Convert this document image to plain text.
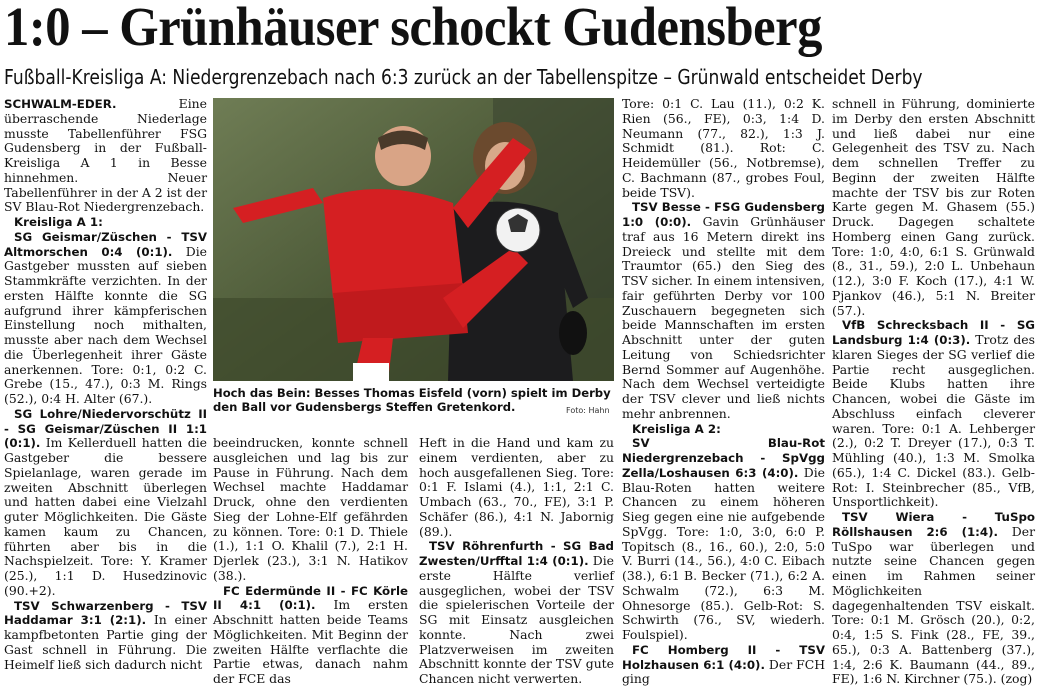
1:0 – Grünhäuser schockt Gudensberg
Fußball-Kreisliga A: Niedergrenzebach nach 6:3 zurück an der Tabellenspitze – Grünwald entscheidet Derby

SCHWALM-EDER. Eine überraschende Niederlage musste Tabellenführer FSG Gudensberg in der Fußball-Kreisliga A 1 in Besse hinnehmen. Neuer Tabellenführer in der A 2 ist der SV Blau-Rot Niedergrenzebach.

Kreisliga A 1:

SG Geismar/Züschen - TSV Altmorschen 0:4 (0:1). Die Gastgeber mussten auf sieben Stammkräfte verzichten. In der ersten Hälfte konnte die SG aufgrund ihrer kämpferischen Einstellung noch mithalten, musste aber nach dem Wechsel die Überlegenheit ihrer Gäste anerkennen. Tore: 0:1, 0:2 C. Grebe (15., 47.), 0:3 M. Rings (52.), 0:4 H. Alter (67.).

SG Lohre/Niedervorschütz II - SG Geismar/Züschen II 1:1 (0:1). Im Kellerduell hatten die Gastgeber die bessere Spielanlage, waren gerade im zweiten Abschnitt überlegen und hatten dabei eine Vielzahl guter Möglichkeiten. Die Gäste kamen kaum zu Chancen, führten aber bis in die Nachspielzeit. Tore: Y. Kramer (25.), 1:1 D. Husedzinovic (90.+2).

TSV Schwarzenberg - TSV Haddamar 3:1 (2:1). In einer kampfbetonten Partie ging der Gast schnell in Führung. Die Heimelf ließ sich dadurch nicht

Hoch das Bein: Besses Thomas Eisfeld (vorn) spielt im Derby den Ball vor Gudensbergs Steffen Gretenkord.	Foto: Hahn

beeindrucken, konnte schnell ausgleichen und lag bis zur Pause in Führung. Nach dem Wechsel machte Haddamar Druck, ohne den verdienten Sieg der Lohne-Elf gefährden zu können. Tore: 0:1 D. Thiele (1.), 1:1 O. Khalil (7.), 2:1 H. Djerlek (23.), 3:1 N. Hatikov (38.).

FC Edermünde II - FC Körle II 4:1 (0:1). Im ersten Abschnitt hatten beide Teams Möglichkeiten. Mit Beginn der zweiten Hälfte verflachte die Partie etwas, danach nahm der FCE das

Heft in die Hand und kam zu einem verdienten, aber zu hoch ausgefallenen Sieg. Tore: 0:1 F. Islami (4.), 1:1, 2:1 C. Umbach (63., 70., FE), 3:1 P. Schäfer (86.), 4:1 N. Jabornig (89.).

TSV Röhrenfurth - SG Bad Zwesten/Urfftal 1:4 (0:1). Die erste Hälfte verlief ausgeglichen, wobei der TSV die spielerischen Vorteile der SG mit Einsatz ausgleichen konnte. Nach zwei Platzverweisen im zweiten Abschnitt konnte der TSV gute Chancen nicht verwerten.

Tore: 0:1 C. Lau (11.), 0:2 K. Rien (56., FE), 0:3, 1:4 D. Neumann (77., 82.), 1:3 J. Schmidt (81.). Rot: C. Heidemüller (56., Notbremse), C. Bachmann (87., grobes Foul, beide TSV).

TSV Besse - FSG Gudensberg 1:0 (0:0). Gavin Grünhäuser traf aus 16 Metern direkt ins Dreieck und stellte mit dem Traumtor (65.) den Sieg des TSV sicher. In einem intensiven, fair geführten Derby vor 100 Zuschauern begegneten sich beide Mannschaften im ersten Abschnitt unter der guten Leitung von Schiedsrichter Bernd Sommer auf Augenhöhe. Nach dem Wechsel verteidigte der TSV clever und ließ nichts mehr anbrennen.

Kreisliga A 2:

SV Blau-Rot Niedergrenzebach - SpVgg Zella/Loshausen 6:3 (4:0). Die Blau-Roten hatten weitere Chancen zu einem höheren Sieg gegen eine nie aufgebende SpVgg. Tore: 1:0, 3:0, 6:0 P. Topitsch (8., 16., 60.), 2:0, 5:0 V. Burri (14., 56.), 4:0 C. Eibach (38.), 6:1 B. Becker (71.), 6:2 A. Schwalm (72.), 6:3 M. Ohnesorge (85.). Gelb-Rot: S. Schwirth (76., SV, wiederh. Foulspiel).

FC Homberg II - TSV Holzhausen 6:1 (4:0). Der FCH ging

schnell in Führung, dominierte im Derby den ersten Abschnitt und ließ dabei nur eine Gelegenheit des TSV zu. Nach dem schnellen Treffer zu Beginn der zweiten Hälfte machte der TSV bis zur Roten Karte gegen M. Ghasem (55.) Druck. Dagegen schaltete Homberg einen Gang zurück. Tore: 1:0, 4:0, 6:1 S. Grünwald (8., 31., 59.), 2:0 L. Unbehaun (12.), 3:0 F. Koch (17.), 4:1 W. Pjankov (46.), 5:1 N. Breiter (57.).

VfB Schrecksbach II - SG Landsburg 1:4 (0:3). Trotz des klaren Sieges der SG verlief die Partie recht ausgeglichen. Beide Klubs hatten ihre Chancen, wobei die Gäste im Abschluss einfach cleverer waren. Tore: 0:1 A. Lehberger (2.), 0:2 T. Dreyer (17.), 0:3 T. Mühling (40.), 1:3 M. Smolka (65.), 1:4 C. Dickel (83.). Gelb-Rot: I. Steinbrecher (85., VfB, Unsportlichkeit).

TSV Wiera - TuSpo Röllshausen 2:6 (1:4). Der TuSpo war überlegen und nutzte seine Chancen gegen einen im Rahmen seiner Möglichkeiten dagegenhaltenden TSV eiskalt. Tore: 0:1 M. Grösch (20.), 0:2, 0:4, 1:5 S. Fink (28., FE, 39., 65.), 0:3 A. Battenberg (37.), 1:4, 2:6 K. Baumann (44., 89., FE), 1:6 N. Kirchner (75.). (zog)
